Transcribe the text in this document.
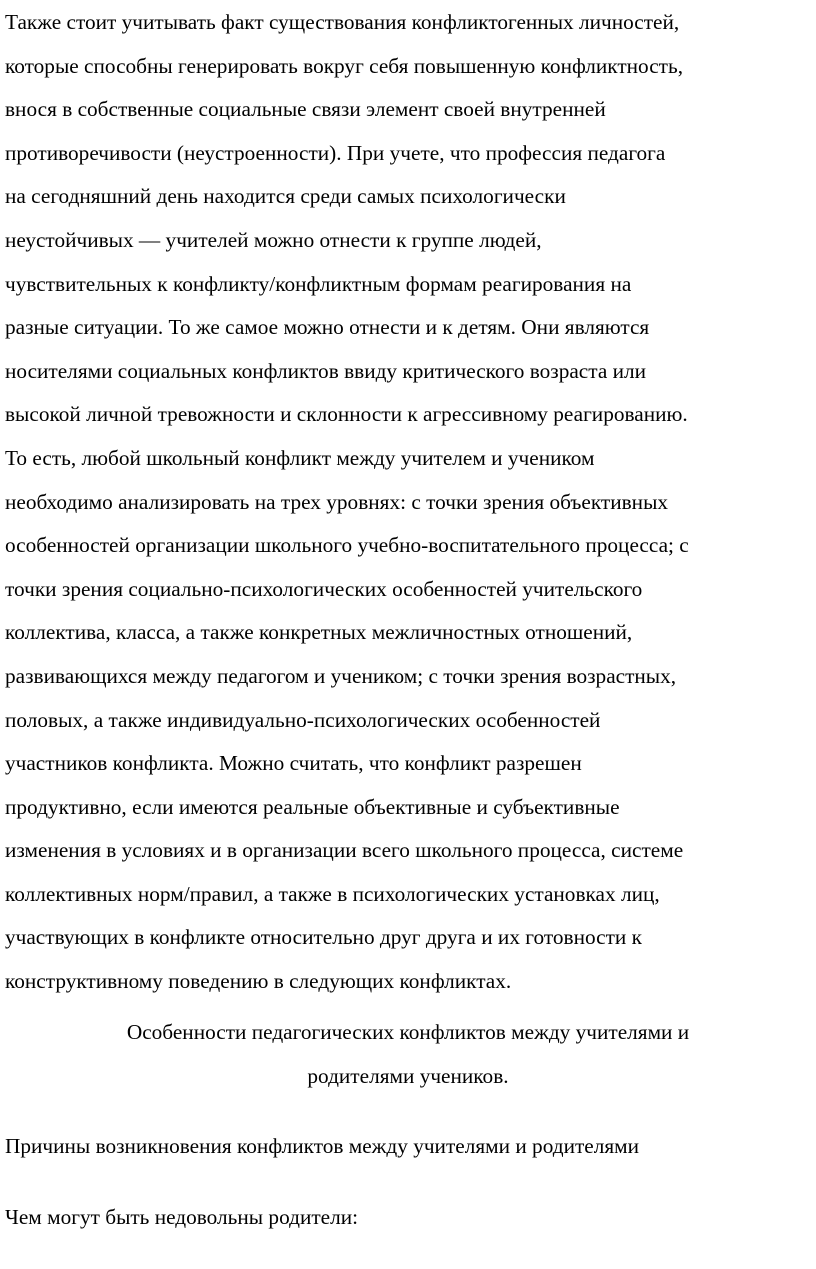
Также стоит учитывать факт существования конфликтогенных личностей,
которые способны генерировать вокруг себя повышенную конфликтность,
внося в собственные социальные связи элемент своей внутренней
противоречивости (неустроенности). При учете, что профессия педагога
на сегодняшний день находится среди самых психологически
неустойчивых — учителей можно отнести к группе людей,
чувствительных к конфликту/конфликтным формам реагирования на
разные ситуации. То же самое можно отнести и к детям. Они являются
носителями социальных конфликтов ввиду критического возраста или
высокой личной тревожности и склонности к агрессивному реагированию.
То есть, любой школьный конфликт между учителем и учеником
необходимо анализировать на трех уровнях: с точки зрения объективных
особенностей организации школьного учебно-воспитательного процесса; с
точки зрения социально-психологических особенностей учительского
коллектива, класса, а также конкретных межличностных отношений,
развивающихся между педагогом и учеником; с точки зрения возрастных,
половых, а также индивидуально-психологических особенностей
участников конфликта. Можно считать, что конфликт разрешен
продуктивно, если имеются реальные объективные и субъективные
изменения в условиях и в организации всего школьного процесса, системе
коллективных норм/правил, а также в психологических установках лиц,
участвующих в конфликте относительно друг друга и их готовности к
конструктивному поведению в следующих конфликтах.
Особенности педагогических конфликтов между учителями и
родителями учеников.

Причины возникновения конфликтов между учителями и родителями

Чем могут быть недовольны родители:
